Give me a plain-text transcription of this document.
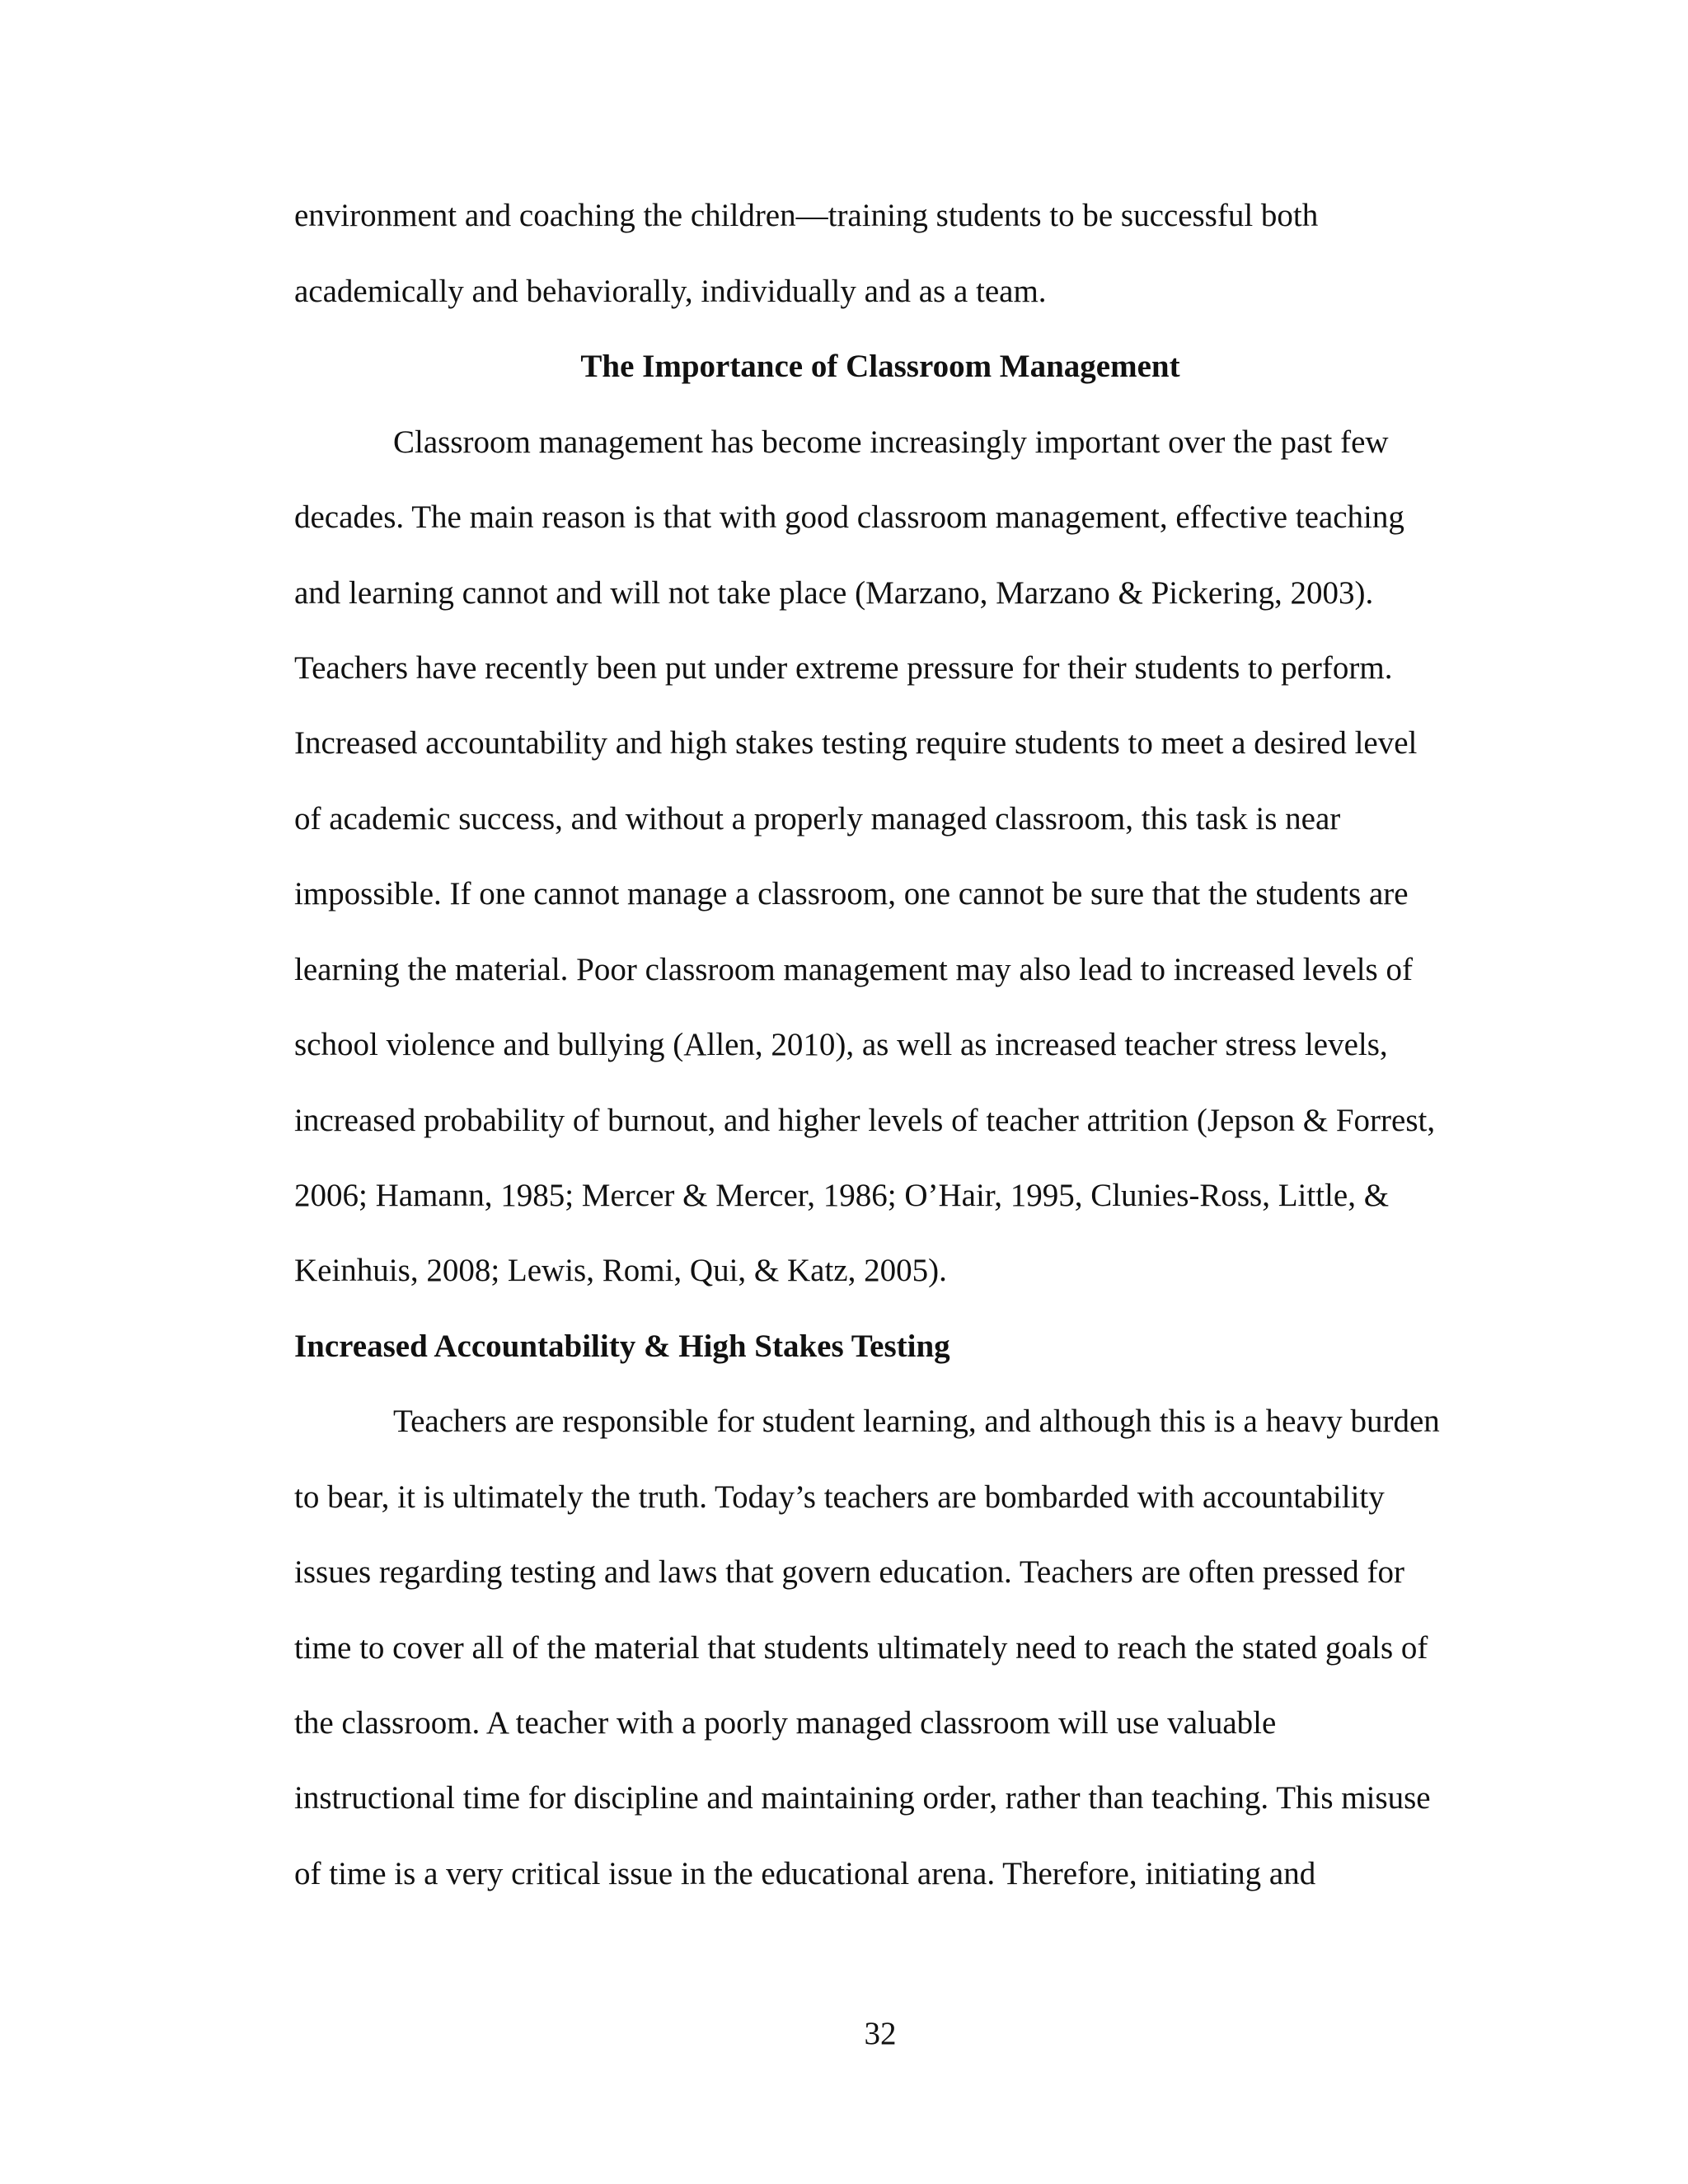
environment and coaching the children—training students to be successful both
academically and behaviorally, individually and as a team.
The Importance of Classroom Management
Classroom management has become increasingly important over the past few
decades. The main reason is that with good classroom management, effective teaching
and learning cannot and will not take place (Marzano, Marzano & Pickering, 2003).
Teachers have recently been put under extreme pressure for their students to perform.
Increased accountability and high stakes testing require students to meet a desired level
of academic success, and without a properly managed classroom, this task is near
impossible. If one cannot manage a classroom, one cannot be sure that the students are
learning the material. Poor classroom management may also lead to increased levels of
school violence and bullying (Allen, 2010), as well as increased teacher stress levels,
increased probability of burnout, and higher levels of teacher attrition (Jepson & Forrest,
2006; Hamann, 1985; Mercer & Mercer, 1986; O’Hair, 1995, Clunies-Ross, Little, &
Keinhuis, 2008; Lewis, Romi, Qui, & Katz, 2005).
Increased Accountability & High Stakes Testing
Teachers are responsible for student learning, and although this is a heavy burden
to bear, it is ultimately the truth. Today’s teachers are bombarded with accountability
issues regarding testing and laws that govern education. Teachers are often pressed for
time to cover all of the material that students ultimately need to reach the stated goals of
the classroom. A teacher with a poorly managed classroom will use valuable
instructional time for discipline and maintaining order, rather than teaching. This misuse
of time is a very critical issue in the educational arena. Therefore, initiating and
32
